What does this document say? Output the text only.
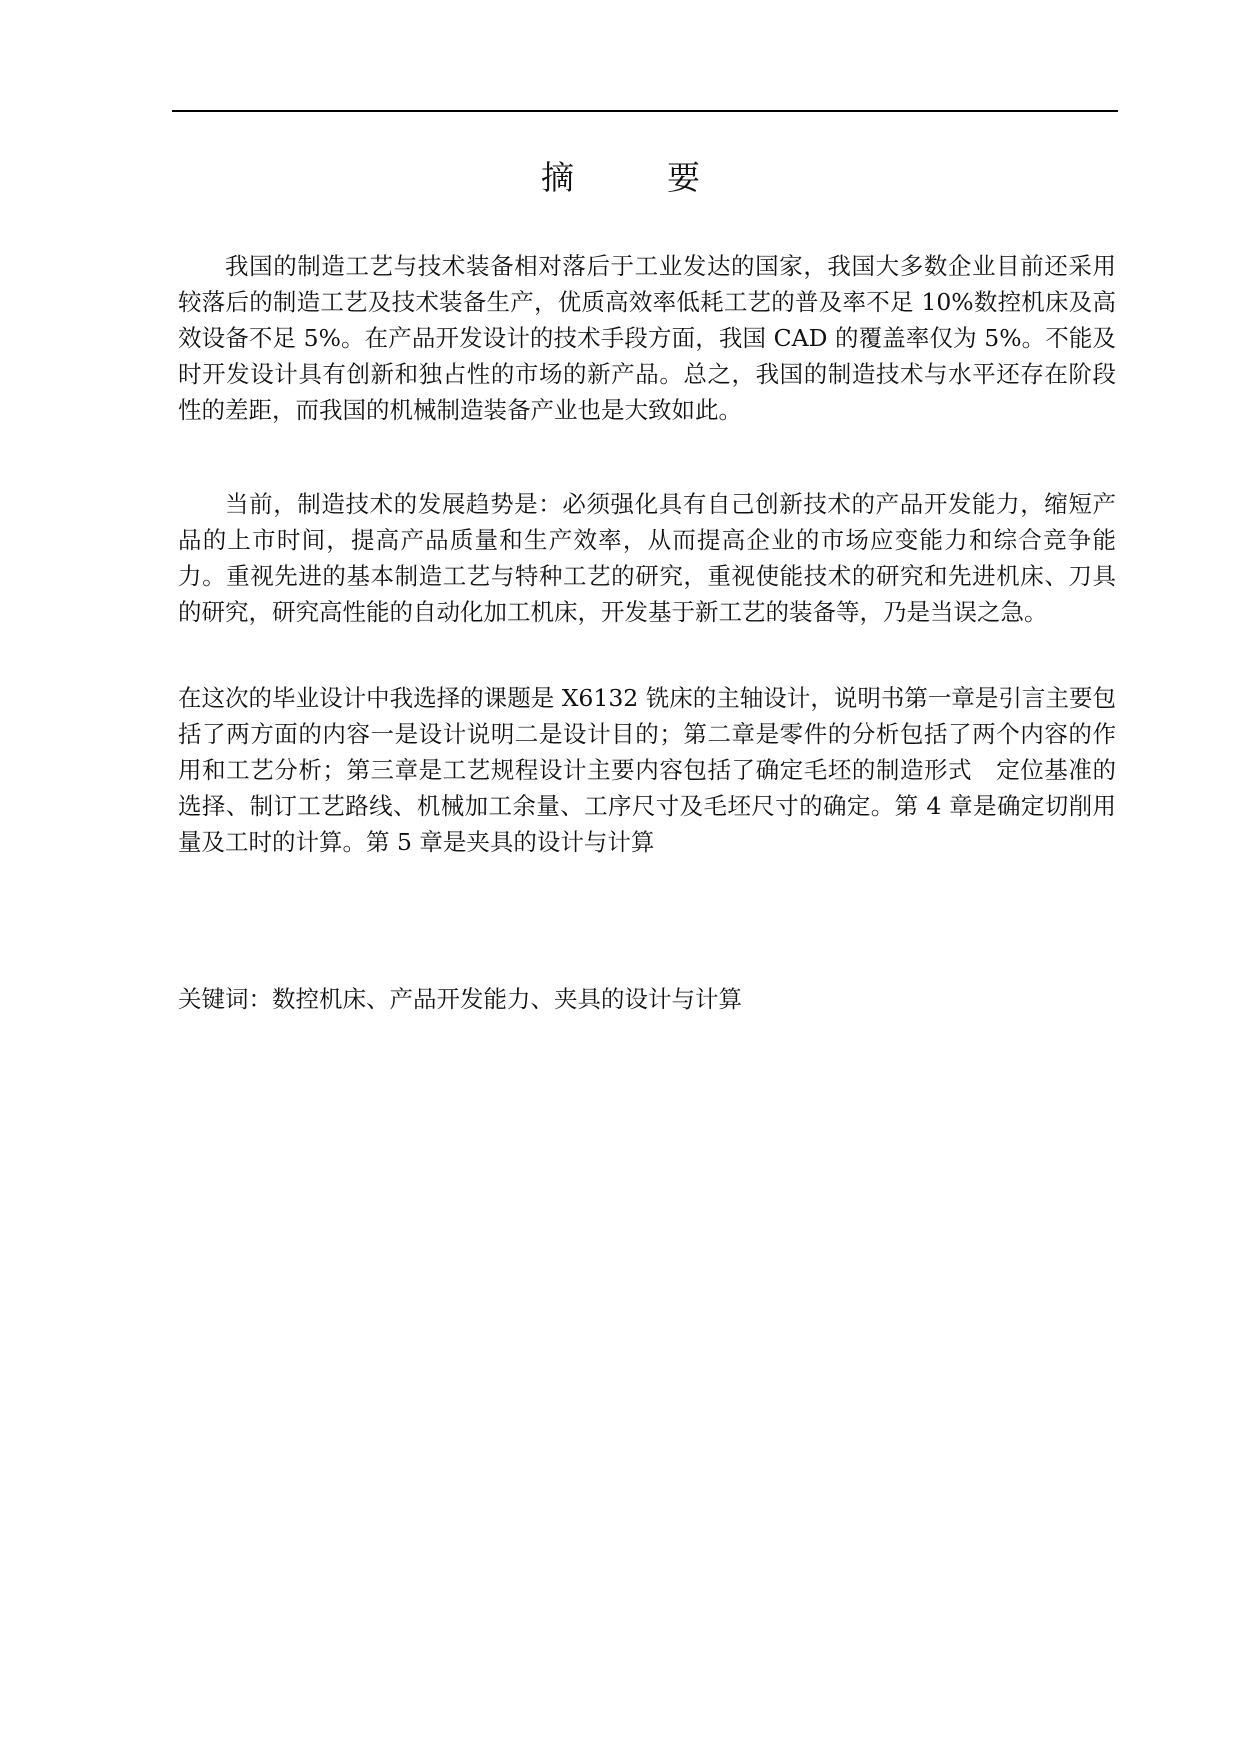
摘　要

我国的制造工艺与技术装备相对落后于工业发达的国家，我国大多数企业目前还采用较落后的制造工艺及技术装备生产，优质高效率低耗工艺的普及率不足 10%数控机床及高效设备不足 5%。在产品开发设计的技术手段方面，我国 CAD 的覆盖率仅为 5%。不能及时开发设计具有创新和独占性的市场的新产品。总之，我国的制造技术与水平还存在阶段性的差距，而我国的机械制造装备产业也是大致如此。

当前，制造技术的发展趋势是：必须强化具有自己创新技术的产品开发能力，缩短产品的上市时间，提高产品质量和生产效率，从而提高企业的市场应变能力和综合竞争能力。重视先进的基本制造工艺与特种工艺的研究，重视使能技术的研究和先进机床、刀具的研究，研究高性能的自动化加工机床，开发基于新工艺的装备等，乃是当误之急。

在这次的毕业设计中我选择的课题是 X6132 铣床的主轴设计，说明书第一章是引言主要包括了两方面的内容一是设计说明二是设计目的；第二章是零件的分析包括了两个内容的作用和工艺分析；第三章是工艺规程设计主要内容包括了确定毛坯的制造形式　定位基准的选择、制订工艺路线、机械加工余量、工序尺寸及毛坯尺寸的确定。第 4 章是确定切削用量及工时的计算。第 5 章是夹具的设计与计算

关键词：数控机床、产品开发能力、夹具的设计与计算
